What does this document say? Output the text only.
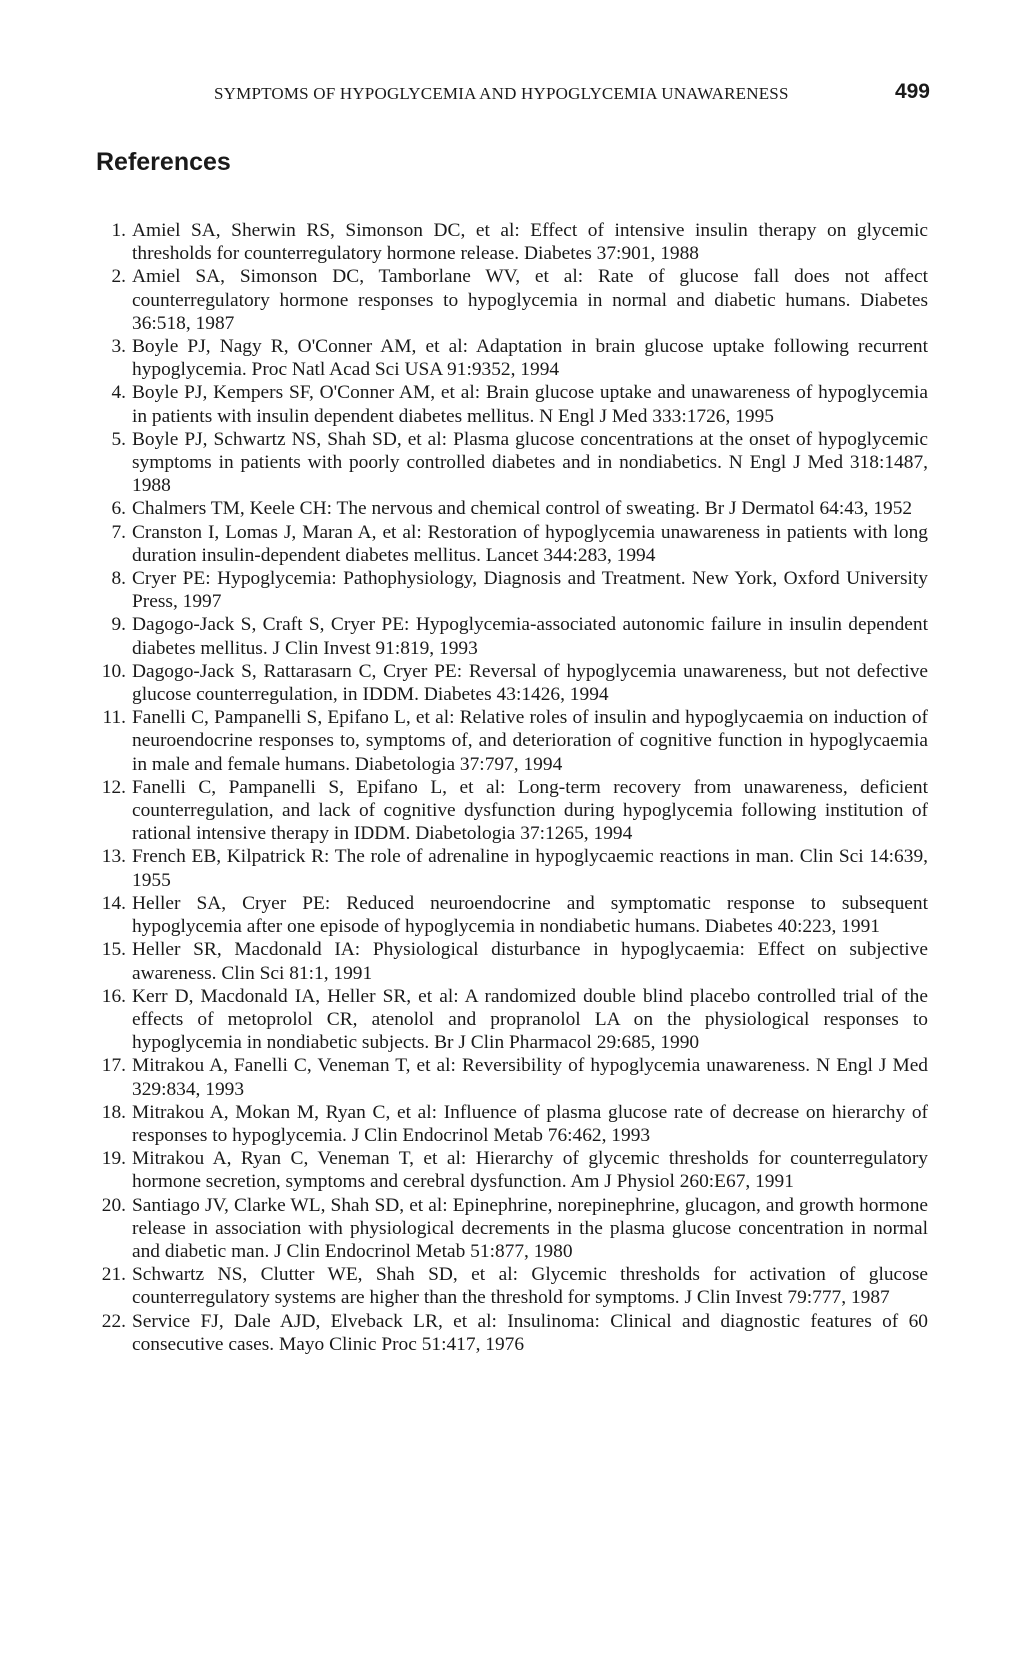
SYMPTOMS OF HYPOGLYCEMIA AND HYPOGLYCEMIA UNAWARENESS	499
References
1. Amiel SA, Sherwin RS, Simonson DC, et al: Effect of intensive insulin therapy on glycemic thresholds for counterregulatory hormone release. Diabetes 37:901, 1988
2. Amiel SA, Simonson DC, Tamborlane WV, et al: Rate of glucose fall does not affect counterregulatory hormone responses to hypoglycemia in normal and diabetic humans. Diabetes 36:518, 1987
3. Boyle PJ, Nagy R, O'Conner AM, et al: Adaptation in brain glucose uptake following recurrent hypoglycemia. Proc Natl Acad Sci USA 91:9352, 1994
4. Boyle PJ, Kempers SF, O'Conner AM, et al: Brain glucose uptake and unawareness of hypoglycemia in patients with insulin dependent diabetes mellitus. N Engl J Med 333:1726, 1995
5. Boyle PJ, Schwartz NS, Shah SD, et al: Plasma glucose concentrations at the onset of hypoglycemic symptoms in patients with poorly controlled diabetes and in nondiabetics. N Engl J Med 318:1487, 1988
6. Chalmers TM, Keele CH: The nervous and chemical control of sweating. Br J Dermatol 64:43, 1952
7. Cranston I, Lomas J, Maran A, et al: Restoration of hypoglycemia unawareness in patients with long duration insulin-dependent diabetes mellitus. Lancet 344:283, 1994
8. Cryer PE: Hypoglycemia: Pathophysiology, Diagnosis and Treatment. New York, Oxford University Press, 1997
9. Dagogo-Jack S, Craft S, Cryer PE: Hypoglycemia-associated autonomic failure in insulin dependent diabetes mellitus. J Clin Invest 91:819, 1993
10. Dagogo-Jack S, Rattarasarn C, Cryer PE: Reversal of hypoglycemia unawareness, but not defective glucose counterregulation, in IDDM. Diabetes 43:1426, 1994
11. Fanelli C, Pampanelli S, Epifano L, et al: Relative roles of insulin and hypoglycaemia on induction of neuroendocrine responses to, symptoms of, and deterioration of cognitive function in hypoglycaemia in male and female humans. Diabetologia 37:797, 1994
12. Fanelli C, Pampanelli S, Epifano L, et al: Long-term recovery from unawareness, deficient counterregulation, and lack of cognitive dysfunction during hypoglycemia following institution of rational intensive therapy in IDDM. Diabetologia 37:1265, 1994
13. French EB, Kilpatrick R: The role of adrenaline in hypoglycaemic reactions in man. Clin Sci 14:639, 1955
14. Heller SA, Cryer PE: Reduced neuroendocrine and symptomatic response to subsequent hypoglycemia after one episode of hypoglycemia in nondiabetic humans. Diabetes 40:223, 1991
15. Heller SR, Macdonald IA: Physiological disturbance in hypoglycaemia: Effect on subjective awareness. Clin Sci 81:1, 1991
16. Kerr D, Macdonald IA, Heller SR, et al: A randomized double blind placebo controlled trial of the effects of metoprolol CR, atenolol and propranolol LA on the physiological responses to hypoglycemia in nondiabetic subjects. Br J Clin Pharmacol 29:685, 1990
17. Mitrakou A, Fanelli C, Veneman T, et al: Reversibility of hypoglycemia unawareness. N Engl J Med 329:834, 1993
18. Mitrakou A, Mokan M, Ryan C, et al: Influence of plasma glucose rate of decrease on hierarchy of responses to hypoglycemia. J Clin Endocrinol Metab 76:462, 1993
19. Mitrakou A, Ryan C, Veneman T, et al: Hierarchy of glycemic thresholds for counterregulatory hormone secretion, symptoms and cerebral dysfunction. Am J Physiol 260:E67, 1991
20. Santiago JV, Clarke WL, Shah SD, et al: Epinephrine, norepinephrine, glucagon, and growth hormone release in association with physiological decrements in the plasma glucose concentration in normal and diabetic man. J Clin Endocrinol Metab 51:877, 1980
21. Schwartz NS, Clutter WE, Shah SD, et al: Glycemic thresholds for activation of glucose counterregulatory systems are higher than the threshold for symptoms. J Clin Invest 79:777, 1987
22. Service FJ, Dale AJD, Elveback LR, et al: Insulinoma: Clinical and diagnostic features of 60 consecutive cases. Mayo Clinic Proc 51:417, 1976
